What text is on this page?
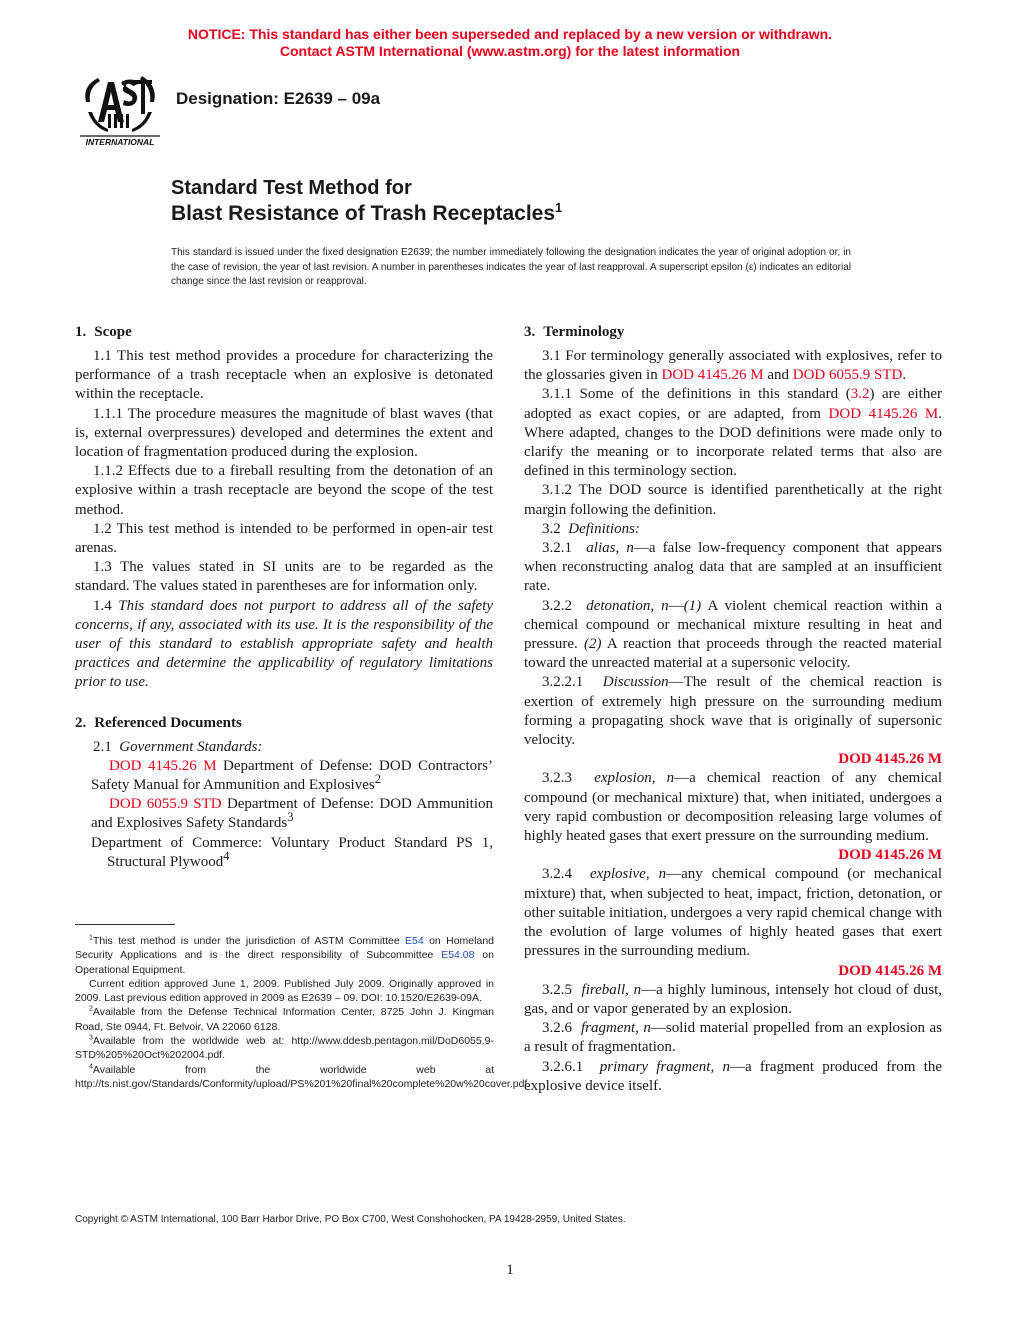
NOTICE: This standard has either been superseded and replaced by a new version or withdrawn.
Contact ASTM International (www.astm.org) for the latest information
INTERNATIONAL
Designation: E2639 – 09a
Standard Test Method for
Blast Resistance of Trash Receptacles$^1$
This standard is issued under the fixed designation E2639; the number immediately following the designation indicates the year of original adoption or, in the case of revision, the year of last revision. A number in parentheses indicates the year of last reapproval. A superscript epsilon (ε) indicates an editorial change since the last revision or reapproval.
1. Scope

1.1 This test method provides a procedure for characterizing the performance of a trash receptacle when an explosive is detonated within the receptacle.

1.1.1 The procedure measures the magnitude of blast waves (that is, external overpressures) developed and determines the extent and location of fragmentation produced during the explosion.

1.1.2 Effects due to a fireball resulting from the detonation of an explosive within a trash receptacle are beyond the scope of the test method.

1.2 This test method is intended to be performed in open-air test arenas.

1.3 The values stated in SI units are to be regarded as the standard. The values stated in parentheses are for information only.

1.4 This standard does not purport to address all of the safety concerns, if any, associated with its use. It is the responsibility of the user of this standard to establish appropriate safety and health practices and determine the applicability of regulatory limitations prior to use.

2. Referenced Documents

2.1 Government Standards:

DOD 4145.26 M Department of Defense: DOD Contractors’ Safety Manual for Ammunition and Explosives$^2$

DOD 6055.9 STD Department of Defense: DOD Ammunition and Explosives Safety Standards$^3$

Department of Commerce: Voluntary Product Standard PS 1, Structural Plywood$^4$

$^1$This test method is under the jurisdiction of ASTM Committee E54 on Homeland Security Applications and is the direct responsibility of Subcommittee E54.08 on Operational Equipment.

Current edition approved June 1, 2009. Published July 2009. Originally approved in 2009. Last previous edition approved in 2009 as E2639 – 09. DOI: 10.1520/E2639-09A.

$^2$Available from the Defense Technical Information Center, 8725 John J. Kingman Road, Ste 0944, Ft. Belvoir, VA 22060 6128.

$^3$Available from the worldwide web at: http://www.ddesb.pentagon.mil/DoD6055.9-STD%205%20Oct%202004.pdf.

$^4$Available from the worldwide web at http://ts.nist.gov/Standards/Conformity/upload/PS%201%20final%20complete%20w%20cover.pdf.

3. Terminology

3.1 For terminology generally associated with explosives, refer to the glossaries given in DOD 4145.26 M and DOD 6055.9 STD.

3.1.1 Some of the definitions in this standard (3.2) are either adopted as exact copies, or are adapted, from DOD 4145.26 M. Where adapted, changes to the DOD definitions were made only to clarify the meaning or to incorporate related terms that also are defined in this terminology section.

3.1.2 The DOD source is identified parenthetically at the right margin following the definition.

3.2 Definitions:

3.2.1 alias, n—a false low-frequency component that appears when reconstructing analog data that are sampled at an insufficient rate.

3.2.2 detonation, n—(1) A violent chemical reaction within a chemical compound or mechanical mixture resulting in heat and pressure. (2) A reaction that proceeds through the reacted material toward the unreacted material at a supersonic velocity.

3.2.2.1 Discussion—The result of the chemical reaction is exertion of extremely high pressure on the surrounding medium forming a propagating shock wave that is originally of supersonic velocity.
DOD 4145.26 M

3.2.3 explosion, n—a chemical reaction of any chemical compound (or mechanical mixture) that, when initiated, undergoes a very rapid combustion or decomposition releasing large volumes of highly heated gases that exert pressure on the surrounding medium.
DOD 4145.26 M

3.2.4 explosive, n—any chemical compound (or mechanical mixture) that, when subjected to heat, impact, friction, detonation, or other suitable initiation, undergoes a very rapid chemical change with the evolution of large volumes of highly heated gases that exert pressures in the surrounding medium.
DOD 4145.26 M

3.2.5 fireball, n—a highly luminous, intensely hot cloud of dust, gas, and or vapor generated by an explosion.

3.2.6 fragment, n—solid material propelled from an explosion as a result of fragmentation.

3.2.6.1 primary fragment, n—a fragment produced from the explosive device itself.

Copyright © ASTM International, 100 Barr Harbor Drive, PO Box C700, West Conshohocken, PA 19428-2959, United States.
1
